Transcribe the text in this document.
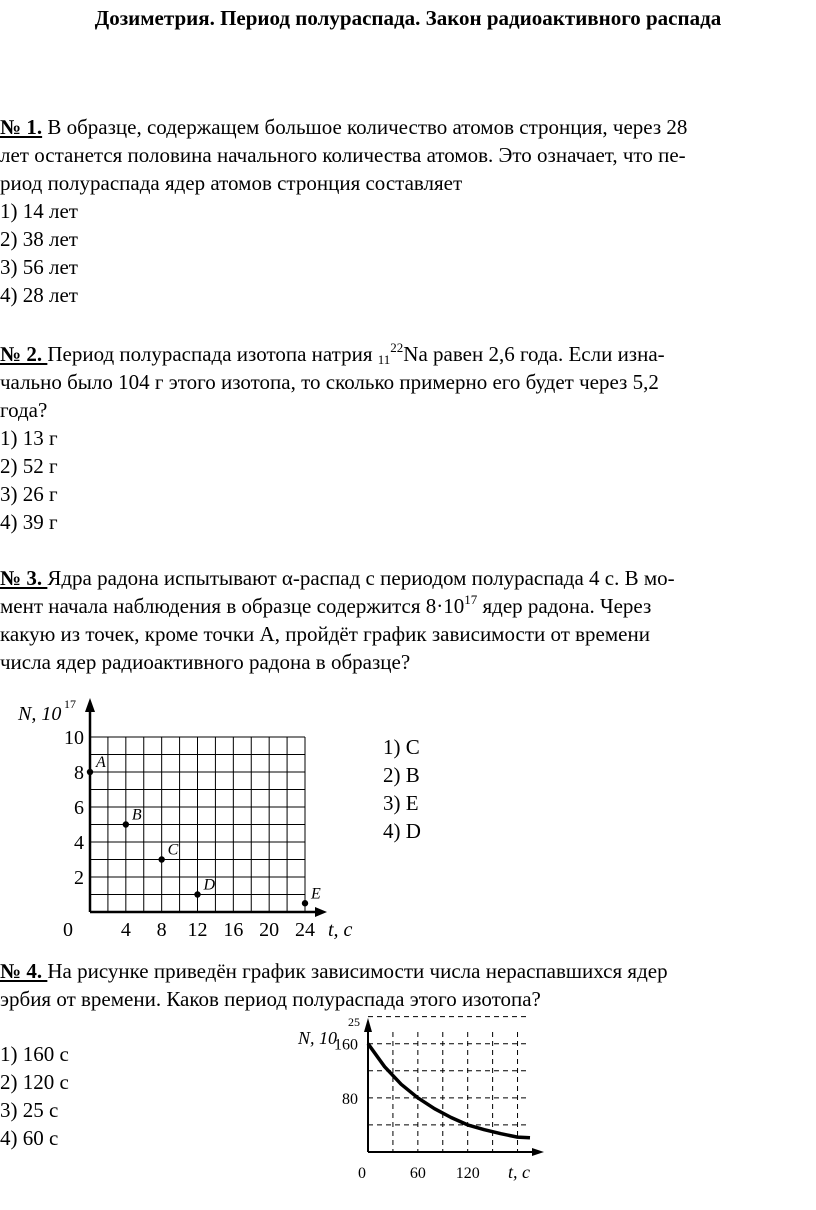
Дозиметрия. Период полураспада. Закон радиоактивного распада
№ 1. В образце, содержащем большое количество атомов стронция, через 28
лет останется половина начального количества атомов. Это означает, что пе-
риод полураспада ядер атомов стронция составляет
1) 14 лет
2) 38 лет
3) 56 лет
4) 28 лет
№ 2. Период полураспада изотопа натрия $_{11}^{22}$Na равен 2,6 года. Если изна-
чально было 104 г этого изотопа, то сколько примерно его будет через 5,2
года?
1) 13 г
2) 52 г
3) 26 г
4) 39 г
№ 3. Ядра радона испытывают α-распад с периодом полураспада 4 с. В мо-
мент начала наблюдения в образце содержится $8\cdot 10^{17}$ ядер радона. Через
какую из точек, кроме точки А, пройдёт график зависимости от времени
числа ядер радиоактивного радона в образце?
N, 10 17
2
4
6
8
10
0 4 8 12 16 20 24 t, с
A
B
C
D
E
1) C
2) B
3) E
4) D
№ 4. На рисунке приведён график зависимости числа нераспавшихся ядер
эрбия от времени. Каков период полураспада этого изотопа?
1) 160 с
2) 120 с
3) 25 с
4) 60 с
N, 10
25
80
160
0	60 120 t, с
